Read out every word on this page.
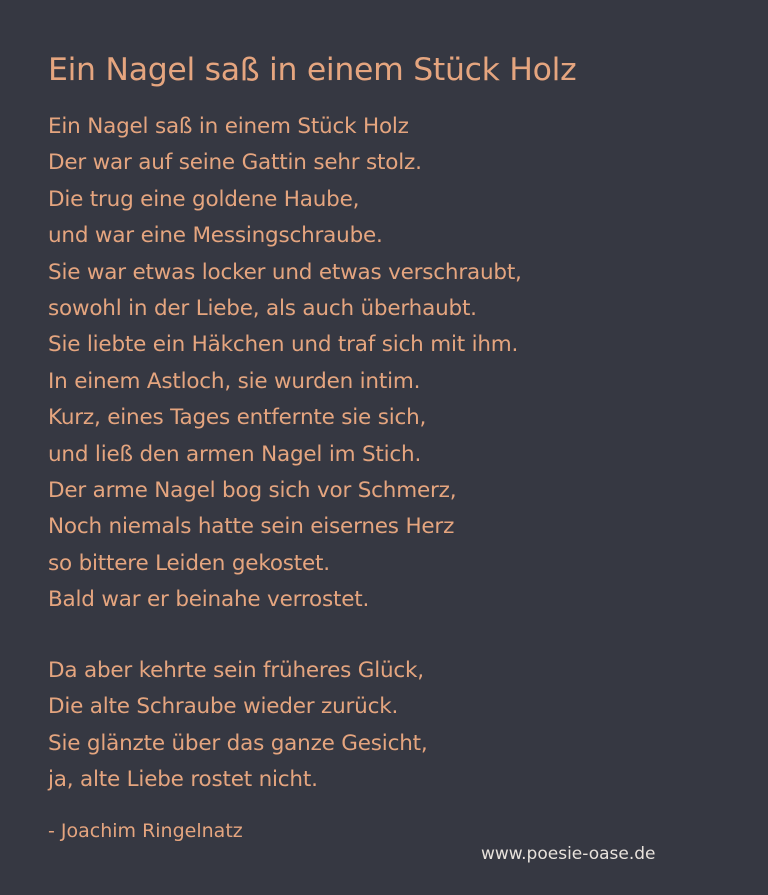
Ein Nagel saß in einem Stück Holz
Ein Nagel saß in einem Stück Holz
Der war auf seine Gattin sehr stolz.
Die trug eine goldene Haube,
und war eine Messingschraube.
Sie war etwas locker und etwas verschraubt,
sowohl in der Liebe, als auch überhaubt.
Sie liebte ein Häkchen und traf sich mit ihm.
In einem Astloch, sie wurden intim.
Kurz, eines Tages entfernte sie sich,
und ließ den armen Nagel im Stich.
Der arme Nagel bog sich vor Schmerz,
Noch niemals hatte sein eisernes Herz
so bittere Leiden gekostet.
Bald war er beinahe verrostet.
Da aber kehrte sein früheres Glück,
Die alte Schraube wieder zurück.
Sie glänzte über das ganze Gesicht,
ja, alte Liebe rostet nicht.
- Joachim Ringelnatz
www.poesie-oase.de
